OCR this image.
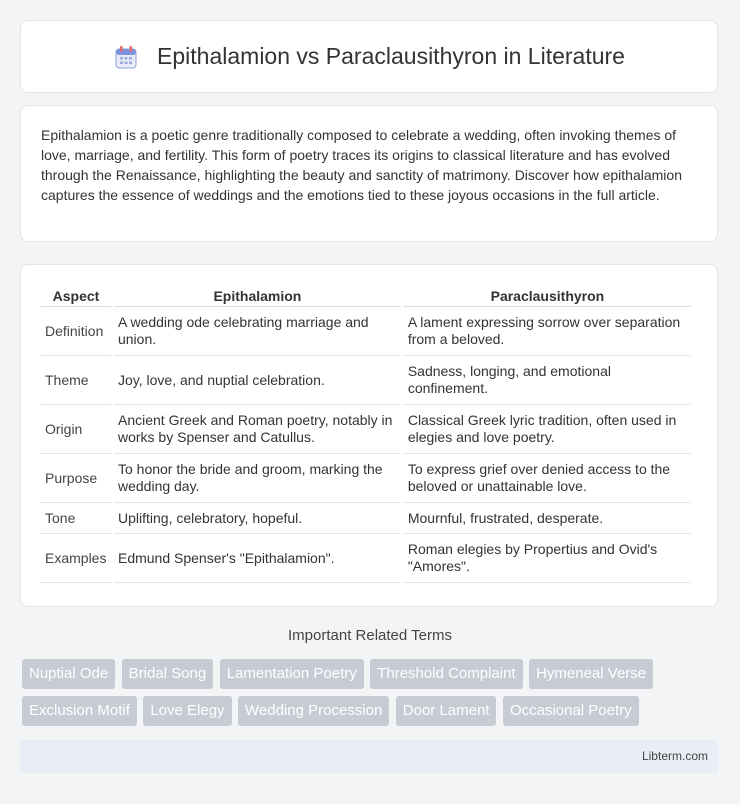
Epithalamion vs Paraclausithyron in Literature

Epithalamion is a poetic genre traditionally composed to celebrate a wedding, often invoking themes of love, marriage, and fertility. This form of poetry traces its origins to classical literature and has evolved through the Renaissance, highlighting the beauty and sanctity of matrimony. Discover how epithalamion captures the essence of weddings and the emotions tied to these joyous occasions in the full article.

Aspect	Epithalamion	Paraclausithyron
Definition	A wedding ode celebrating marriage and union.	A lament expressing sorrow over separation from a beloved.
Theme	Joy, love, and nuptial celebration.	Sadness, longing, and emotional confinement.
Origin	Ancient Greek and Roman poetry, notably in works by Spenser and Catullus.	Classical Greek lyric tradition, often used in elegies and love poetry.
Purpose	To honor the bride and groom, marking the wedding day.	To express grief over denied access to the beloved or unattainable love.
Tone	Uplifting, celebratory, hopeful.	Mournful, frustrated, desperate.
Examples	Edmund Spenser's "Epithalamion".	Roman elegies by Propertius and Ovid's "Amores".
Important Related Terms
Nuptial Ode Bridal Song Lamentation Poetry Threshold Complaint Hymeneal Verse Exclusion Motif Love Elegy Wedding Procession Door Lament Occasional Poetry
Libterm.com
